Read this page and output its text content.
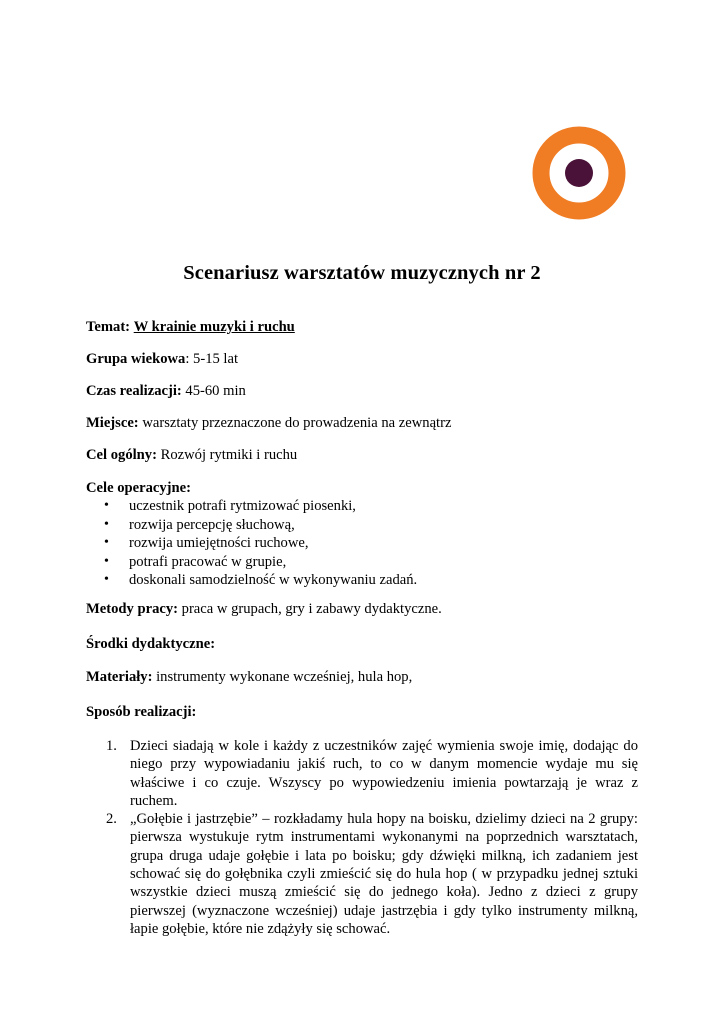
Scenariusz warsztatów muzycznych nr 2
Temat: W krainie muzyki i ruchu
Grupa wiekowa: 5-15 lat
Czas realizacji: 45-60 min
Miejsce: warsztaty przeznaczone do prowadzenia na zewnątrz
Cel ogólny: Rozwój rytmiki i ruchu
Cele operacyjne:
• uczestnik potrafi rytmizować piosenki,
• rozwija percepcję słuchową,
• rozwija umiejętności ruchowe,
• potrafi pracować w grupie,
• doskonali samodzielność w wykonywaniu zadań.
Metody pracy: praca w grupach, gry i zabawy dydaktyczne.
Środki dydaktyczne:
Materiały: instrumenty wykonane wcześniej, hula hop,
Sposób realizacji:
1. Dzieci siadają w kole i każdy z uczestników zajęć wymienia swoje imię, dodając do niego przy wypowiadaniu jakiś ruch, to co w danym momencie wydaje mu się właściwe i co czuje. Wszyscy po wypowiedzeniu imienia powtarzają je wraz z ruchem.
2. „Gołębie i jastrzębie” – rozkładamy hula hopy na boisku, dzielimy dzieci na 2 grupy: pierwsza wystukuje rytm instrumentami wykonanymi na poprzednich warsztatach, grupa druga udaje gołębie i lata po boisku; gdy dźwięki milkną, ich zadaniem jest schować się do gołębnika czyli zmieścić się do hula hop ( w przypadku jednej sztuki wszystkie dzieci muszą zmieścić się do jednego koła). Jedno z dzieci z grupy pierwszej (wyznaczone wcześniej) udaje jastrzębia i gdy tylko instrumenty milkną, łapie gołębie, które nie zdążyły się schować.
